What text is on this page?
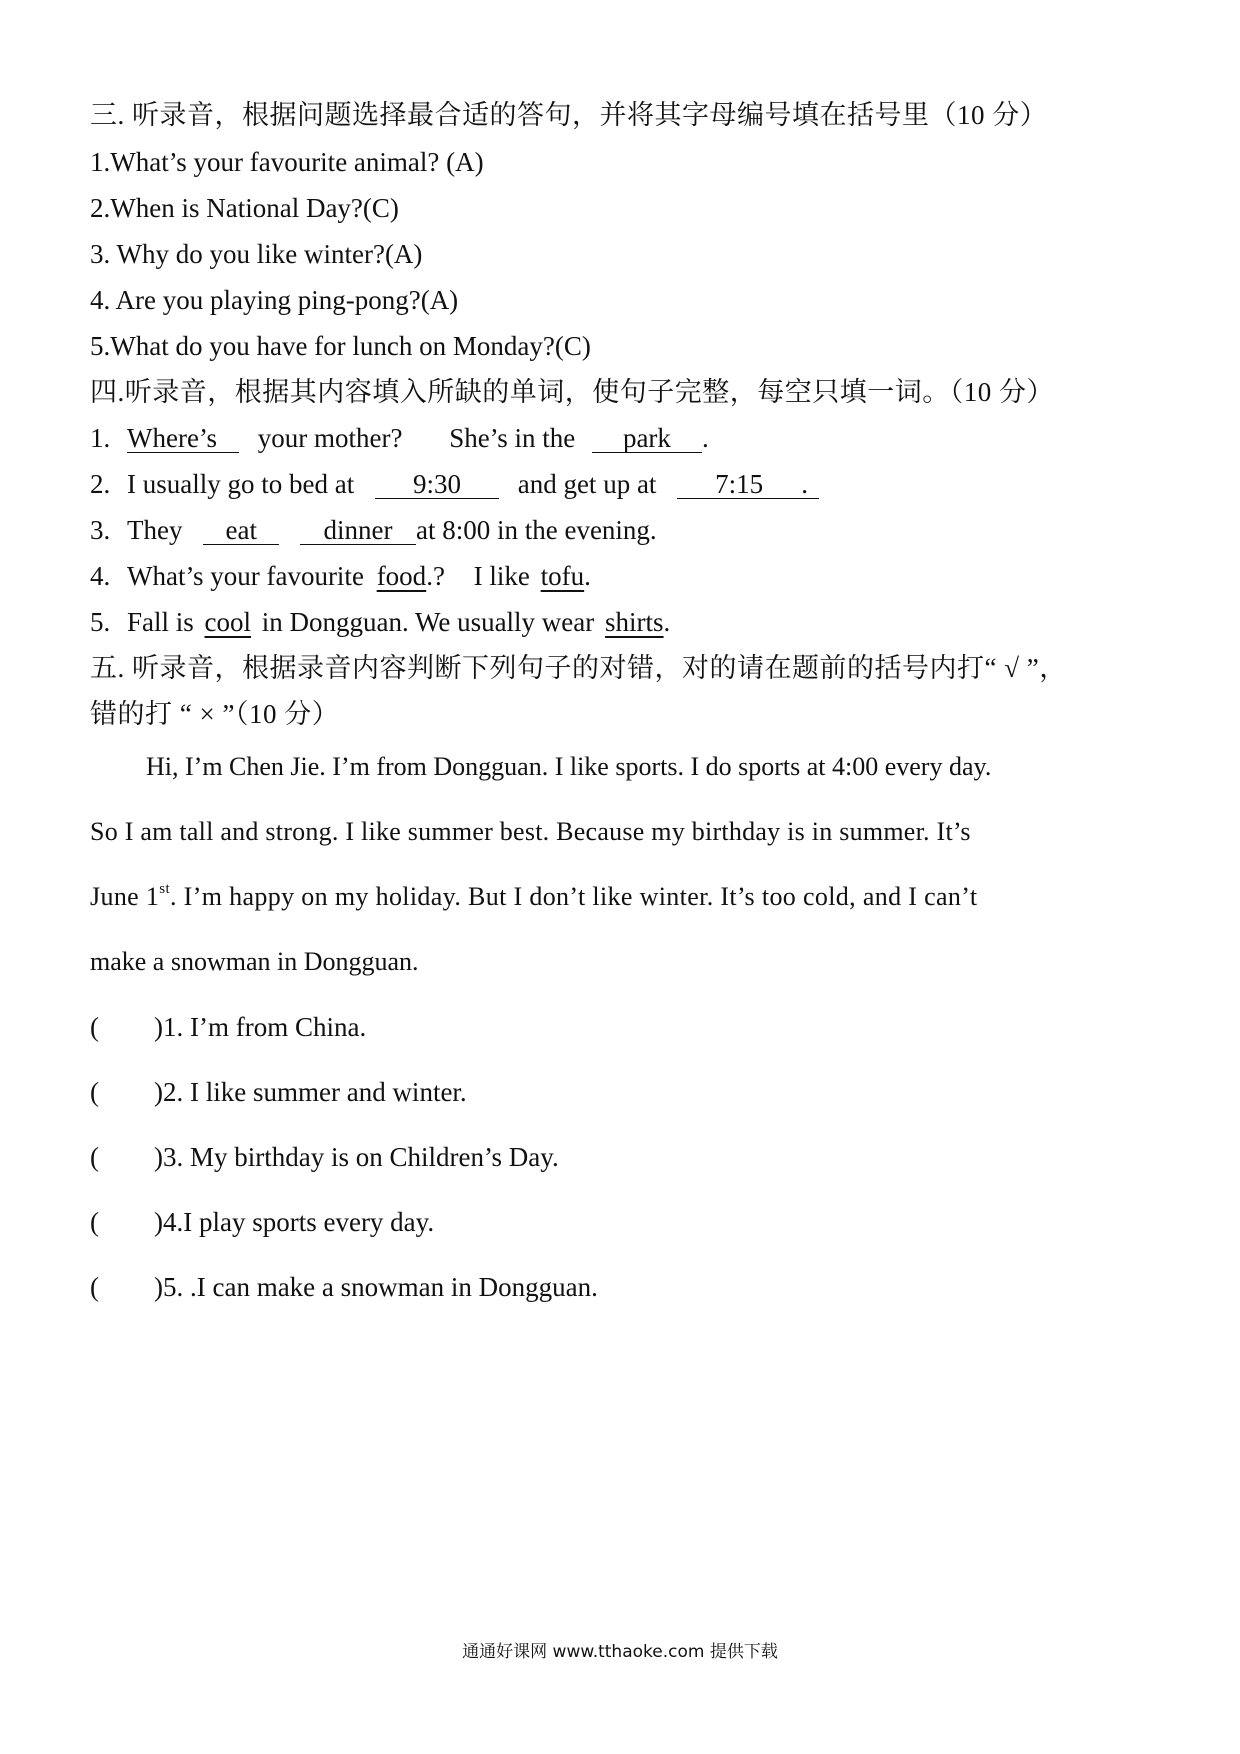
三. 听录音，根据问题选择最合适的答句，并将其字母编号填在括号里（10 分）
1.What’s your favourite animal? (A)
2.When is National Day?(C)
3. Why do you like winter?(A)
4. Are you playing ping-pong?(A)
5.What do you have for lunch on Monday?(C)
四.听录音，根据其内容填入所缺的单词，使句子完整，每空只填一词。（10 分）
1. Where’s your mother? She’s in the park .
2. I usually go to bed at 9:30 and get up at 7:15 .
3. They eat dinner at 8:00 in the evening.
4. What’s your favourite food.? I like tofu.
5. Fall is cool in Dongguan. We usually wear shirts.
五. 听录音，根据录音内容判断下列句子的对错，对的请在题前的括号内打“ √ ”，
错的打 “ × ”（10 分）
Hi, I’m Chen Jie. I’m from Dongguan. I like sports. I do sports at 4:00 every day.
So I am tall and strong. I like summer best. Because my birthday is in summer. It’s
June 1st. I’m happy on my holiday. But I don’t like winter. It’s too cold, and I can’t
make a snowman in Dongguan.
( )1. I’m from China.
( )2. I like summer and winter.
( )3. My birthday is on Children’s Day.
( )4.I play sports every day.
( )5. .I can make a snowman in Dongguan.
通通好课网 www.tthaoke.com 提供下载
